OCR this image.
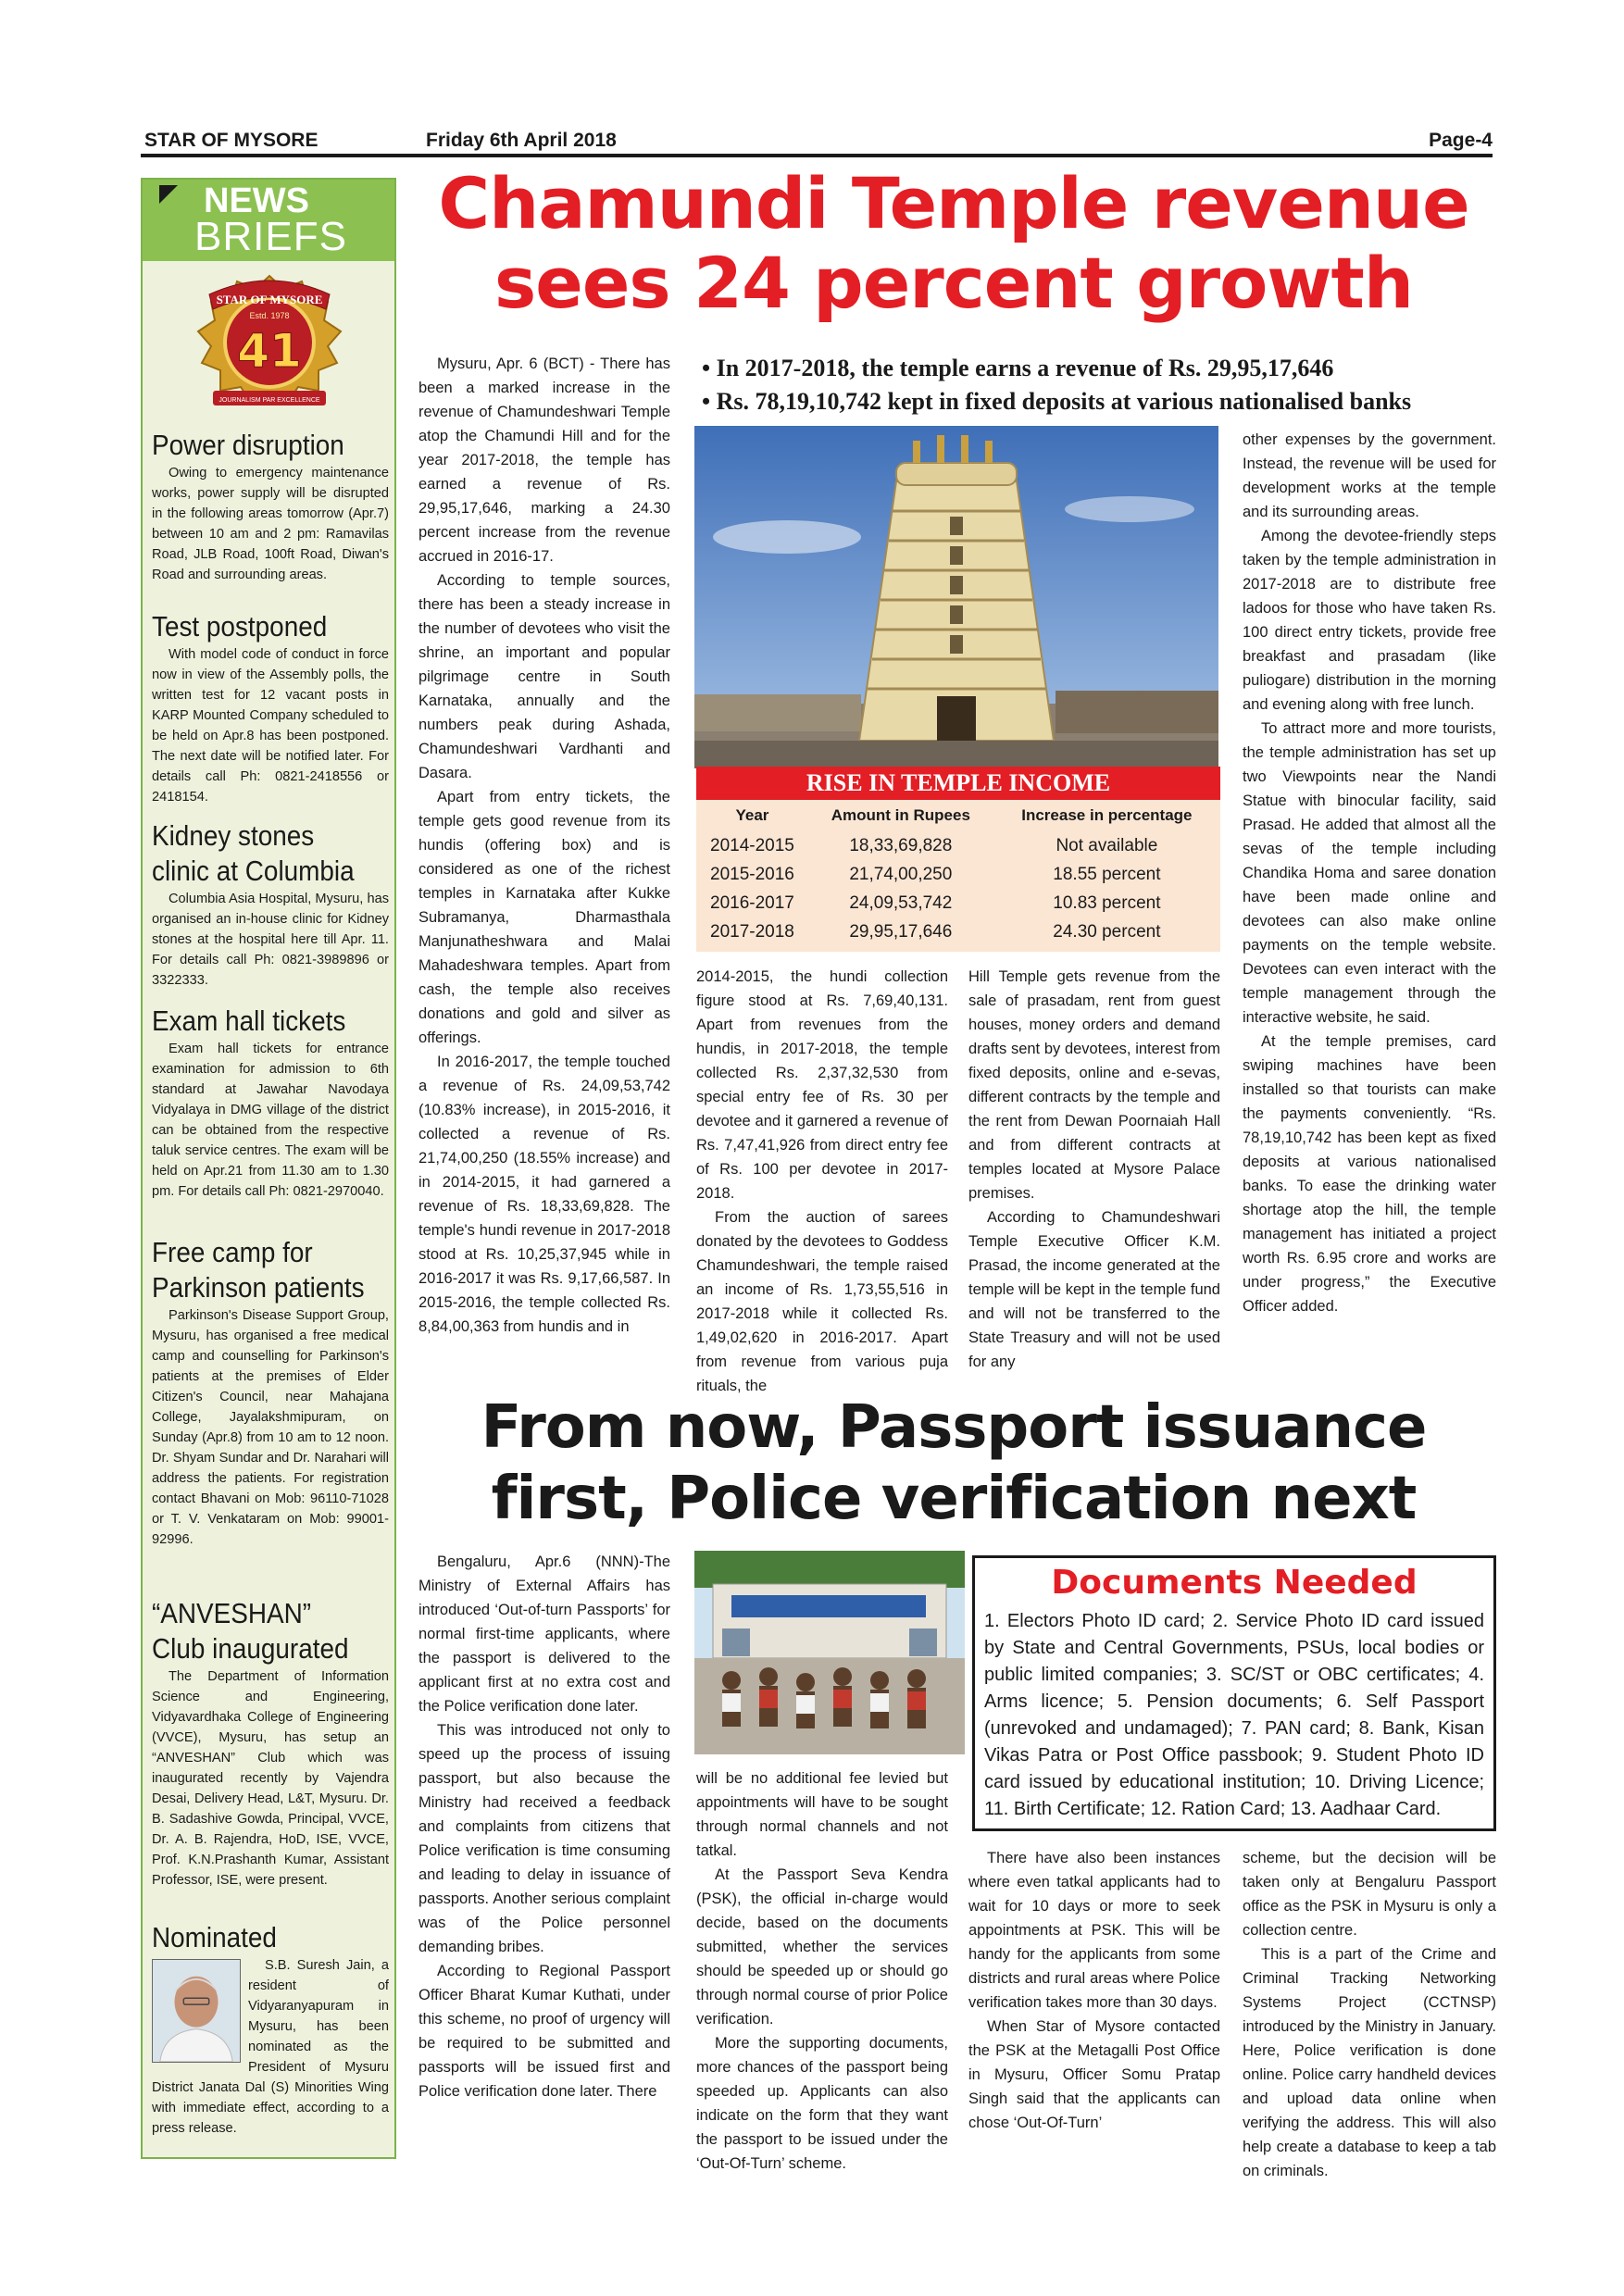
STAR OF MYSORE	Friday 6th April 2018	Page-4
NEWS
BRIEFS
STAR OF MYSORE
Estd. 1978
41
JOURNALISM PAR EXCELLENCE
Power disruption

Owing to emergency maintenance works, power supply will be disrupted in the following areas tomorrow (Apr.7) between 10 am and 2 pm: Ramavilas Road, JLB Road, 100ft Road, Diwan's Road and surrounding areas.

Test postponed

With model code of conduct in force now in view of the Assembly polls, the written test for 12 vacant posts in KARP Mounted Company scheduled to be held on Apr.8 has been postponed. The next date will be notified later. For details call Ph: 0821-2418556 or 2418154.

Kidney stones
clinic at Columbia

Columbia Asia Hospital, Mysuru, has organised an in-house clinic for Kidney stones at the hospital here till Apr. 11. For details call Ph: 0821-3989896 or 3322333.

Exam hall tickets

Exam hall tickets for entrance examination for admission to 6th standard at Jawahar Navodaya Vidyalaya in DMG village of the district can be obtained from the respective taluk service centres. The exam will be held on Apr.21 from 11.30 am to 1.30 pm. For details call Ph: 0821-2970040.

Free camp for
Parkinson patients

Parkinson's Disease Support Group, Mysuru, has organised a free medical camp and counselling for Parkinson's patients at the premises of Elder Citizen's Council, near Mahajana College, Jayalakshmipuram, on Sunday (Apr.8) from 10 am to 12 noon. Dr. Shyam Sundar and Dr. Narahari will address the patients. For registration contact Bhavani on Mob: 96110-71028 or T. V. Venkataram on Mob: 99001-92996.

“ANVESHAN”
Club inaugurated

The Department of Information Science and Engineering, Vidyavardhaka College of Engineering (VVCE), Mysuru, has setup an “ANVESHAN” Club which was inaugurated recently by Vajendra Desai, Delivery Head, L&T, Mysuru. Dr. B. Sadashive Gowda, Principal, VVCE, Dr. A. B. Rajendra, HoD, ISE, VVCE, Prof. K.N.Prashanth Kumar, Assistant Professor, ISE, were present.

Nominated

S.B. Suresh Jain, a resident of Vidyaranyapuram in Mysuru, has been nominated as the President of Mysuru District Janata Dal (S) Minorities Wing with immediate effect, according to a press release.

Chamundi Temple revenue
sees 24 percent growth

Mysuru, Apr. 6 (BCT) - There has been a marked increase in the revenue of Chamundeshwari Temple atop the Chamundi Hill and for the year 2017-2018, the temple has earned a revenue of Rs. 29,95,17,646, marking a 24.30 percent increase from the revenue accrued in 2016-17.

According to temple sources, there has been a steady increase in the number of devotees who visit the shrine, an important and popular pilgrimage centre in South Karnataka, annually and the numbers peak during Ashada, Chamundeshwari Vardhanti and Dasara.

Apart from entry tickets, the temple gets good revenue from its hundis (offering box) and is considered as one of the richest temples in Karnataka after Kukke Subramanya, Dharmasthala Manjunatheshwara and Malai Mahadeshwara temples. Apart from cash, the temple also receives donations and gold and silver as offerings.

In 2016-2017, the temple touched a revenue of Rs. 24,09,53,742 (10.83% increase), in 2015-2016, it collected a revenue of Rs. 21,74,00,250 (18.55% increase) and in 2014-2015, it had garnered a revenue of Rs. 18,33,69,828. The temple's hundi revenue in 2017-2018 stood at Rs. 10,25,37,945 while in 2016-2017 it was Rs. 9,17,66,587. In 2015-2016, the temple collected Rs. 8,84,00,363 from hundis and in

• In 2017-2018, the temple earns a revenue of Rs. 29,95,17,646
• Rs. 78,19,10,742 kept in fixed deposits at various nationalised banks
RISE IN TEMPLE INCOME
Year	Amount in Rupees	Increase in percentage
2014-2015	18,33,69,828	Not available
2015-2016	21,74,00,250	18.55 percent
2016-2017	24,09,53,742	10.83 percent
2017-2018	29,95,17,646	24.30 percent

2014-2015, the hundi collection figure stood at Rs. 7,69,40,131. Apart from revenues from the hundis, in 2017-2018, the temple collected Rs. 2,37,32,530 from special entry fee of Rs. 30 per devotee and it garnered a revenue of Rs. 7,47,41,926 from direct entry fee of Rs. 100 per devotee in 2017-2018.

From the auction of sarees donated by the devotees to Goddess Chamundeshwari, the temple raised an income of Rs. 1,73,55,516 in 2017-2018 while it collected Rs. 1,49,02,620 in 2016-2017. Apart from revenue from various puja rituals, the

Hill Temple gets revenue from the sale of prasadam, rent from guest houses, money orders and demand drafts sent by devotees, interest from fixed deposits, online and e-sevas, different contracts by the temple and the rent from Dewan Poornaiah Hall and from different contracts at temples located at Mysore Palace premises.

According to Chamundeshwari Temple Executive Officer K.M. Prasad, the income generated at the temple will be kept in the temple fund and will not be transferred to the State Treasury and will not be used for any

other expenses by the government. Instead, the revenue will be used for development works at the temple and its surrounding areas.

Among the devotee-friendly steps taken by the temple administration in 2017-2018 are to distribute free ladoos for those who have taken Rs. 100 direct entry tickets, provide free breakfast and prasadam (like puliogare) distribution in the morning and evening along with free lunch.

To attract more and more tourists, the temple administration has set up two Viewpoints near the Nandi Statue with binocular facility, said Prasad. He added that almost all the sevas of the temple including Chandika Homa and saree donation have been made online and devotees can also make online payments on the temple website. Devotees can even interact with the temple management through the interactive website, he said.

At the temple premises, card swiping machines have been installed so that tourists can make the payments conveniently. “Rs. 78,19,10,742 has been kept as fixed deposits at various nationalised banks. To ease the drinking water shortage atop the hill, the temple management has initiated a project worth Rs. 6.95 crore and works are under progress,” the Executive Officer added.

From now, Passport issuance
first, Police verification next

Bengaluru, Apr.6 (NNN)-The Ministry of External Affairs has introduced ‘Out-of-turn Passports’ for normal first-time applicants, where the passport is delivered to the applicant first at no extra cost and the Police verification done later.

This was introduced not only to speed up the process of issuing passport, but also because the Ministry had received a feedback and complaints from citizens that Police verification is time consuming and leading to delay in issuance of passports. Another serious complaint was of the Police personnel demanding bribes.

According to Regional Passport Officer Bharat Kumar Kuthati, under this scheme, no proof of urgency will be required to be submitted and passports will be issued first and Police verification done later. There

will be no additional fee levied but appointments will have to be sought through normal channels and not tatkal.

At the Passport Seva Kendra (PSK), the official in-charge would decide, based on the documents submitted, whether the services should be speeded up or should go through normal course of prior Police verification.

More the supporting documents, more chances of the passport being speeded up. Applicants can also indicate on the form that they want the passport to be issued under the ‘Out-Of-Turn’ scheme.

Documents Needed
1. Electors Photo ID card; 2. Service Photo ID card issued by State and Central Governments, PSUs, local bodies or public limited companies; 3. SC/ST or OBC certificates; 4. Arms licence; 5. Pension documents; 6. Self Passport (unrevoked and undamaged); 7. PAN card; 8. Bank, Kisan Vikas Patra or Post Office passbook; 9. Student Photo ID card issued by educational institution; 10. Driving Licence; 11. Birth Certificate; 12. Ration Card; 13. Aadhaar Card.

There have also been instances where even tatkal applicants had to wait for 10 days or more to seek appointments at PSK. This will be handy for the applicants from some districts and rural areas where Police verification takes more than 30 days.

When Star of Mysore contacted the PSK at the Metagalli Post Office in Mysuru, Officer Somu Pratap Singh said that the applicants can chose ‘Out-Of-Turn’

scheme, but the decision will be taken only at Bengaluru Passport office as the PSK in Mysuru is only a collection centre.

This is a part of the Crime and Criminal Tracking Networking Systems Project (CCTNSP) introduced by the Ministry in January. Here, Police verification is done online. Police carry handheld devices and upload data online when verifying the address. This will also help create a database to keep a tab on criminals.
